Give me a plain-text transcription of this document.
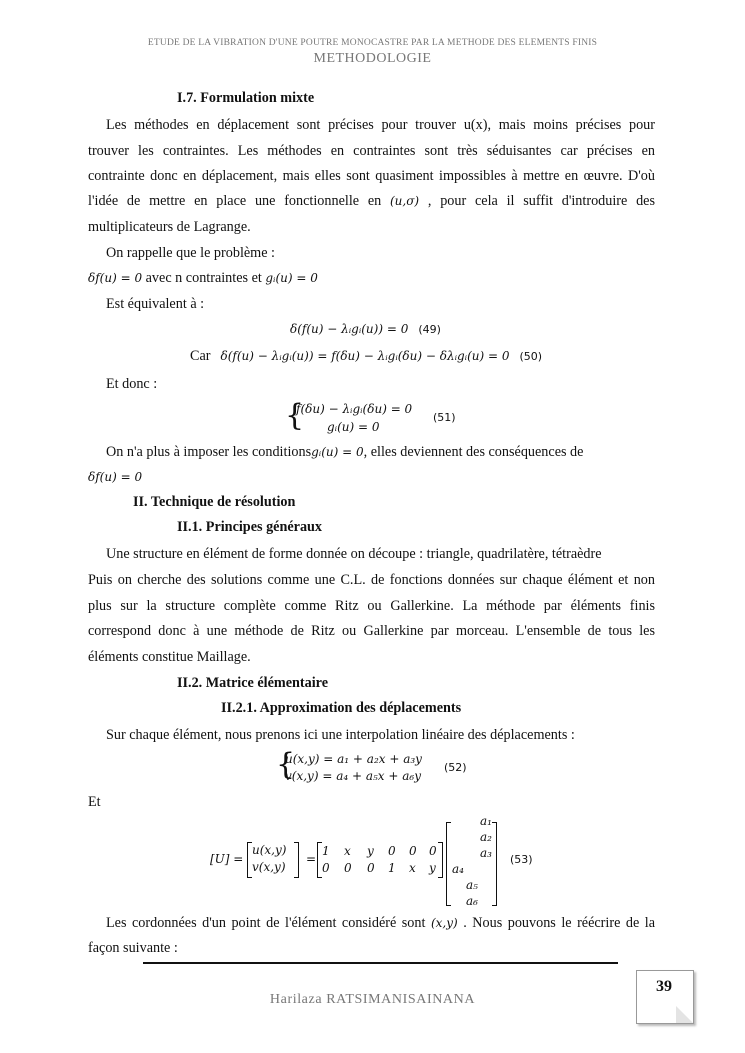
ETUDE DE LA VIBRATION D'UNE POUTRE MONOCASTRE PAR LA METHODE DES ELEMENTS FINIS
METHODOLOGIE
I.7. Formulation mixte
Les méthodes en déplacement sont précises pour trouver u(x), mais moins précises pour
trouver les contraintes. Les méthodes en contraintes sont très séduisantes car précises en
contrainte donc en déplacement, mais elles sont quasiment impossibles à mettre en œuvre. D'où
l'idée de mettre en place une fonctionnelle en (u,σ) , pour cela il suffit d'introduire des
multiplicateurs de Lagrange.
On rappelle que le problème :
δf(u) = 0 avec n contraintes et gᵢ(u) = 0
Est équivalent à :
δ(f(u) − λᵢgᵢ(u)) = 0 (49)
Car δ(f(u) − λᵢgᵢ(u)) = f(δu) − λᵢgᵢ(δu) − δλᵢgᵢ(u) = 0 (50)
Et donc :
{
f(δu) − λᵢgᵢ(δu) = 0
gᵢ(u) = 0
(51)
On n'a plus à imposer les conditionsgᵢ(u) = 0, elles deviennent des conséquences de
δf(u) = 0
II. Technique de résolution
II.1. Principes généraux
Une structure en élément de forme donnée on découpe : triangle, quadrilatère, tétraèdre
Puis on cherche des solutions comme une C.L. de fonctions données sur chaque élément et non
plus sur la structure complète comme Ritz ou Gallerkine. La méthode par éléments finis
correspond donc à une méthode de Ritz ou Gallerkine par morceau. L'ensemble de tous les
éléments constitue Maillage.
II.2. Matrice élémentaire
II.2.1. Approximation des déplacements
Sur chaque élément, nous prenons ici une interpolation linéaire des déplacements :
{
u(x,y) = a₁ + a₂x + a₃y
v(x,y) = a₄ + a₅x + a₆y
(52)
Et
[U] =
u(x,y)
v(x,y)
=
1 x y 0 0 0
0 0 0 1 x y
a₁
a₂
a₃
a₄
a₅
a₆
(53)
Les cordonnées d'un point de l'élément considéré sont (x,y) . Nous pouvons le réécrire de la
façon suivante :
39
Harilaza RATSIMANISAINANA
